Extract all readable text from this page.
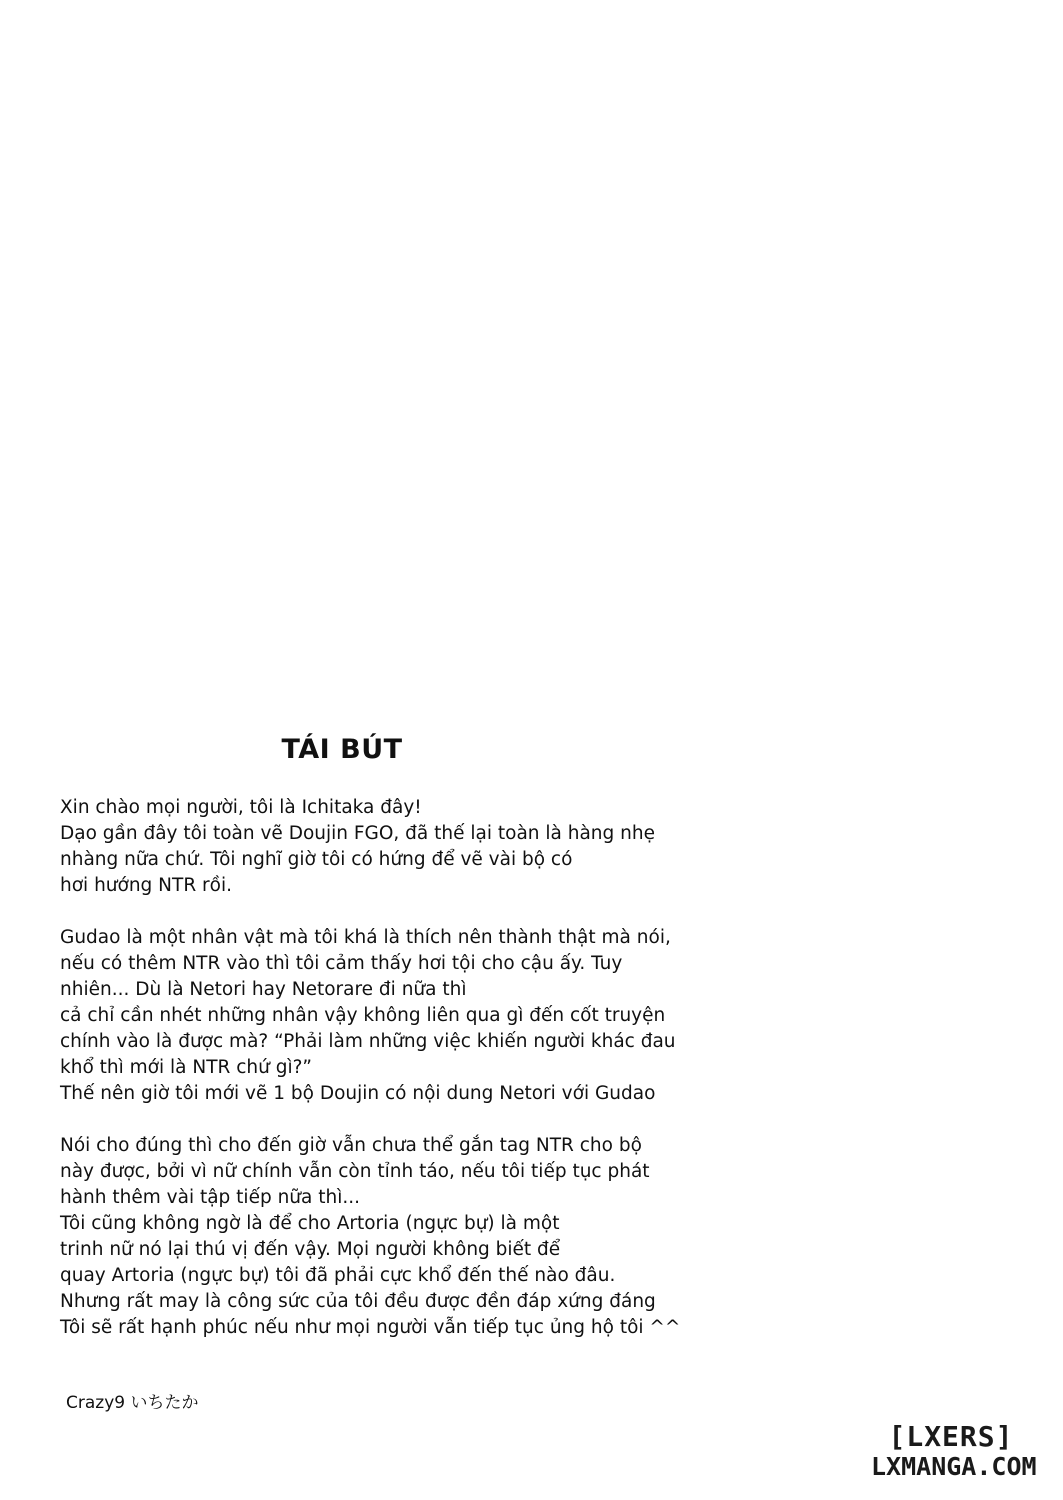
TÁI BÚT
Xin chào mọi người, tôi là Ichitaka đây!
Dạo gần đây tôi toàn vẽ Doujin FGO, đã thế lại toàn là hàng nhẹ
nhàng nữa chứ. Tôi nghĩ giờ tôi có hứng để vẽ vài bộ có
hơi hướng NTR rồi.
Gudao là một nhân vật mà tôi khá là thích nên thành thật mà nói,
nếu có thêm NTR vào thì tôi cảm thấy hơi tội cho cậu ấy. Tuy
nhiên... Dù là Netori hay Netorare đi nữa thì
cả chỉ cần nhét những nhân vậy không liên qua gì đến cốt truyện
chính vào là được mà? “Phải làm những việc khiến người khác đau
khổ thì mới là NTR chứ gì?”
Thế nên giờ tôi mới vẽ 1 bộ Doujin có nội dung Netori với Gudao
Nói cho đúng thì cho đến giờ vẫn chưa thể gắn tag NTR cho bộ
này được, bởi vì nữ chính vẫn còn tỉnh táo, nếu tôi tiếp tục phát
hành thêm vài tập tiếp nữa thì...
Tôi cũng không ngờ là để cho Artoria (ngực bự) là một
trinh nữ nó lại thú vị đến vậy. Mọi người không biết để
quay Artoria (ngực bự) tôi đã phải cực khổ đến thế nào đâu.
Nhưng rất may là công sức của tôi đều được đền đáp xứng đáng
Tôi sẽ rất hạnh phúc nếu như mọi người vẫn tiếp tục ủng hộ tôi ^^
Crazy9 いちたか
[LXERS]
LXMANGA.COM
